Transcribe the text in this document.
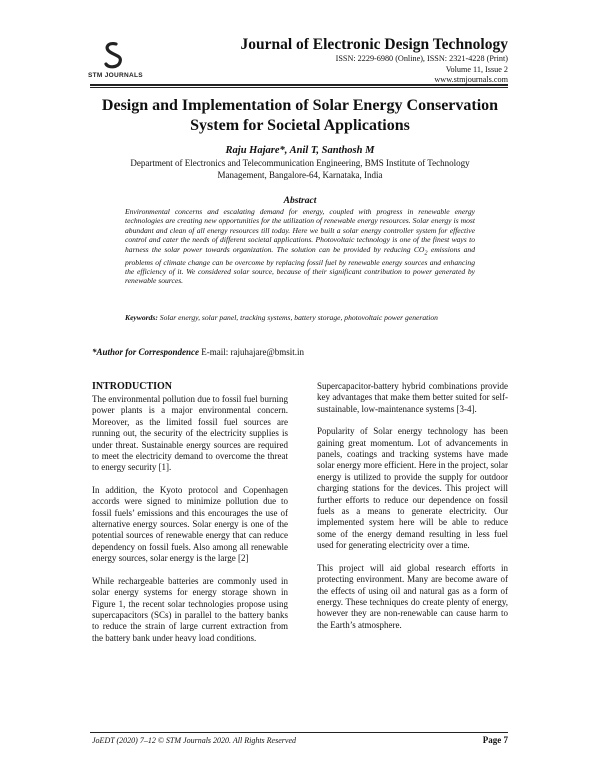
STM JOURNALS
Journal of Electronic Design Technology
ISSN: 2229-6980 (Online), ISSN: 2321-4228 (Print)
Volume 11, Issue 2
www.stmjournals.com
Design and Implementation of Solar Energy Conservation
System for Societal Applications
Raju Hajare*, Anil T, Santhosh M
Department of Electronics and Telecommunication Engineering, BMS Institute of Technology
Management, Bangalore-64, Karnataka, India
Abstract
Environmental concerns and escalating demand for energy, coupled with progress in renewable energy technologies are creating new opportunities for the utilization of renewable energy resources. Solar energy is most abundant and clean of all energy resources till today. Here we built a solar energy controller system for effective control and cater the needs of different societal applications. Photovoltaic technology is one of the finest ways to harness the solar power towards organization. The solution can be provided by reducing $CO_2$ emissions and problems of climate change can be overcome by replacing fossil fuel by renewable energy sources and enhancing the efficiency of it. We considered solar source, because of their significant contribution to power generated by renewable sources.
Keywords: Solar energy, solar panel, tracking systems, battery storage, photovoltaic power generation
*Author for Correspondence E-mail: rajuhajare@bmsit.in
INTRODUCTION

The environmental pollution due to fossil fuel burning power plants is a major environmental concern. Moreover, as the limited fossil fuel sources are running out, the security of the electricity supplies is under threat. Sustainable energy sources are required to meet the electricity demand to overcome the threat to energy security [1].

In addition, the Kyoto protocol and Copenhagen accords were signed to minimize pollution due to fossil fuels’ emissions and this encourages the use of alternative energy sources. Solar energy is one of the potential sources of renewable energy that can reduce dependency on fossil fuels. Also among all renewable energy sources, solar energy is the large [2]

While rechargeable batteries are commonly used in solar energy systems for energy storage shown in Figure 1, the recent solar technologies propose using supercapacitors (SCs) in parallel to the battery banks to reduce the strain of large current extraction from the battery bank under heavy load conditions.

Supercapacitor-battery hybrid combinations provide key advantages that make them better suited for self-sustainable, low-maintenance systems [3-4].

Popularity of Solar energy technology has been gaining great momentum. Lot of advancements in panels, coatings and tracking systems have made solar energy more efficient. Here in the project, solar energy is utilized to provide the supply for outdoor charging stations for the devices. This project will further efforts to reduce our dependence on fossil fuels as a means to generate electricity. Our implemented system here will be able to reduce some of the energy demand resulting in less fuel used for generating electricity over a time.

This project will aid global research efforts in protecting environment. Many are become aware of the effects of using oil and natural gas as a form of energy. These techniques do create plenty of energy, however they are non-renewable can cause harm to the Earth’s atmosphere.

JoEDT (2020) 7–12 © STM Journals 2020. All Rights Reserved	Page 7
